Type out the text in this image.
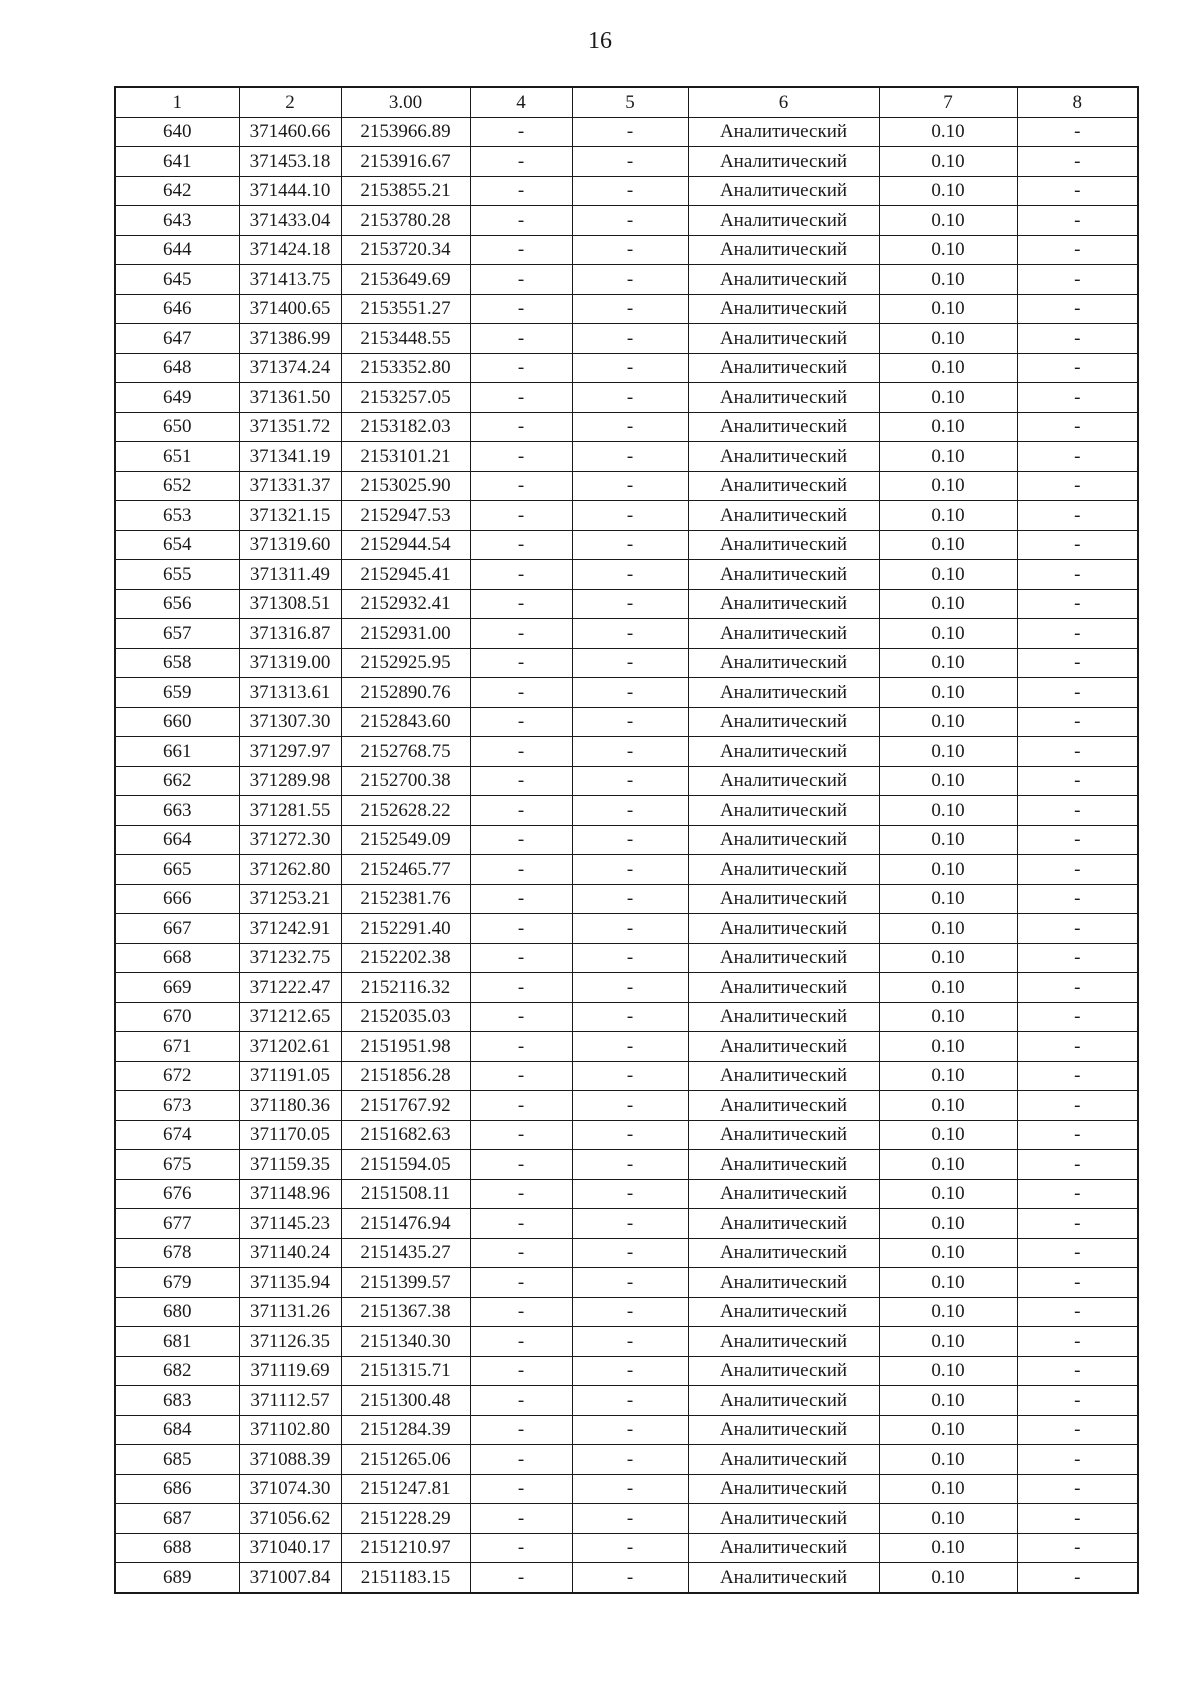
16
1	2	3.00	4	5	6	7	8
640	371460.66	2153966.89	-	-	Аналитический	0.10	-
641	371453.18	2153916.67	-	-	Аналитический	0.10	-
642	371444.10	2153855.21	-	-	Аналитический	0.10	-
643	371433.04	2153780.28	-	-	Аналитический	0.10	-
644	371424.18	2153720.34	-	-	Аналитический	0.10	-
645	371413.75	2153649.69	-	-	Аналитический	0.10	-
646	371400.65	2153551.27	-	-	Аналитический	0.10	-
647	371386.99	2153448.55	-	-	Аналитический	0.10	-
648	371374.24	2153352.80	-	-	Аналитический	0.10	-
649	371361.50	2153257.05	-	-	Аналитический	0.10	-
650	371351.72	2153182.03	-	-	Аналитический	0.10	-
651	371341.19	2153101.21	-	-	Аналитический	0.10	-
652	371331.37	2153025.90	-	-	Аналитический	0.10	-
653	371321.15	2152947.53	-	-	Аналитический	0.10	-
654	371319.60	2152944.54	-	-	Аналитический	0.10	-
655	371311.49	2152945.41	-	-	Аналитический	0.10	-
656	371308.51	2152932.41	-	-	Аналитический	0.10	-
657	371316.87	2152931.00	-	-	Аналитический	0.10	-
658	371319.00	2152925.95	-	-	Аналитический	0.10	-
659	371313.61	2152890.76	-	-	Аналитический	0.10	-
660	371307.30	2152843.60	-	-	Аналитический	0.10	-
661	371297.97	2152768.75	-	-	Аналитический	0.10	-
662	371289.98	2152700.38	-	-	Аналитический	0.10	-
663	371281.55	2152628.22	-	-	Аналитический	0.10	-
664	371272.30	2152549.09	-	-	Аналитический	0.10	-
665	371262.80	2152465.77	-	-	Аналитический	0.10	-
666	371253.21	2152381.76	-	-	Аналитический	0.10	-
667	371242.91	2152291.40	-	-	Аналитический	0.10	-
668	371232.75	2152202.38	-	-	Аналитический	0.10	-
669	371222.47	2152116.32	-	-	Аналитический	0.10	-
670	371212.65	2152035.03	-	-	Аналитический	0.10	-
671	371202.61	2151951.98	-	-	Аналитический	0.10	-
672	371191.05	2151856.28	-	-	Аналитический	0.10	-
673	371180.36	2151767.92	-	-	Аналитический	0.10	-
674	371170.05	2151682.63	-	-	Аналитический	0.10	-
675	371159.35	2151594.05	-	-	Аналитический	0.10	-
676	371148.96	2151508.11	-	-	Аналитический	0.10	-
677	371145.23	2151476.94	-	-	Аналитический	0.10	-
678	371140.24	2151435.27	-	-	Аналитический	0.10	-
679	371135.94	2151399.57	-	-	Аналитический	0.10	-
680	371131.26	2151367.38	-	-	Аналитический	0.10	-
681	371126.35	2151340.30	-	-	Аналитический	0.10	-
682	371119.69	2151315.71	-	-	Аналитический	0.10	-
683	371112.57	2151300.48	-	-	Аналитический	0.10	-
684	371102.80	2151284.39	-	-	Аналитический	0.10	-
685	371088.39	2151265.06	-	-	Аналитический	0.10	-
686	371074.30	2151247.81	-	-	Аналитический	0.10	-
687	371056.62	2151228.29	-	-	Аналитический	0.10	-
688	371040.17	2151210.97	-	-	Аналитический	0.10	-
689	371007.84	2151183.15	-	-	Аналитический	0.10	-
